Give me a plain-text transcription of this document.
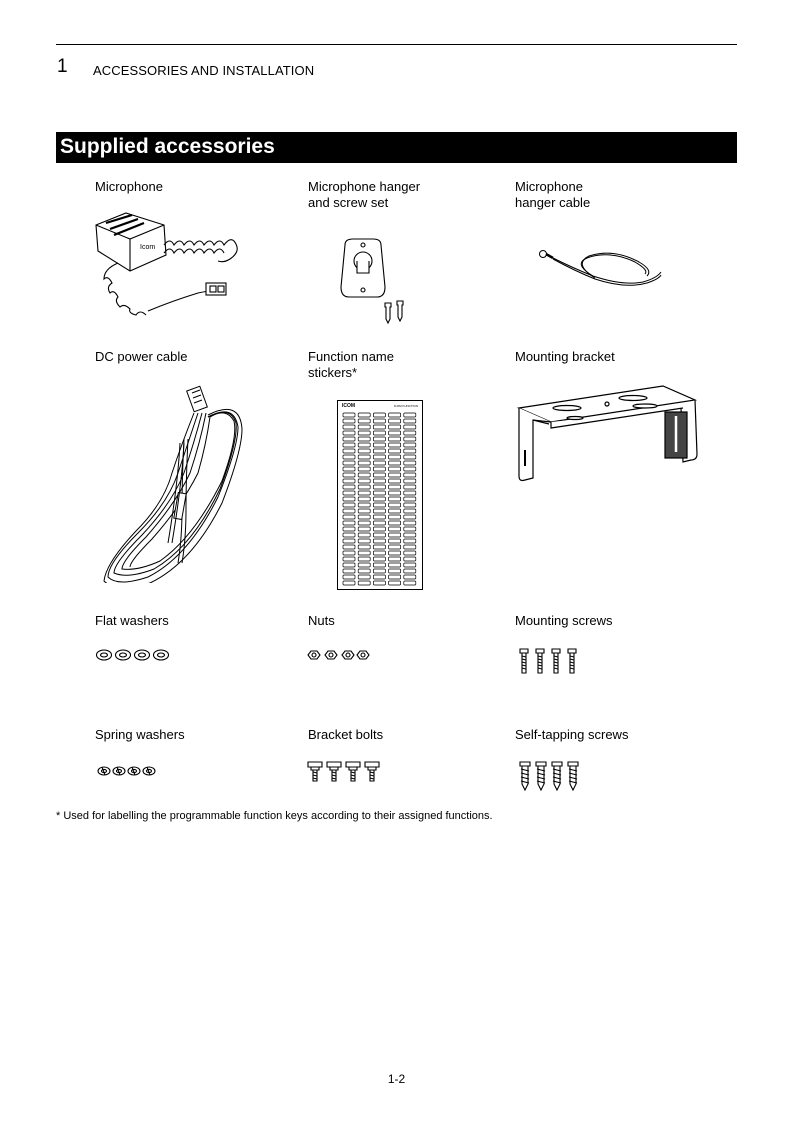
1 ACCESSORIES AND INSTALLATION
Supplied accessories
Microphone	Microphone hanger
and screw set
Microphone
hanger cable
Icom
DC power cable	Function name
stickers*
Mounting bracket
ICOM	ICOM FUNCTION
Flat washers	Nuts	Mounting screws
Spring washers	Bracket bolts	Self-tapping screws
* Used for labelling the programmable function keys according to their assigned functions.
1-2
